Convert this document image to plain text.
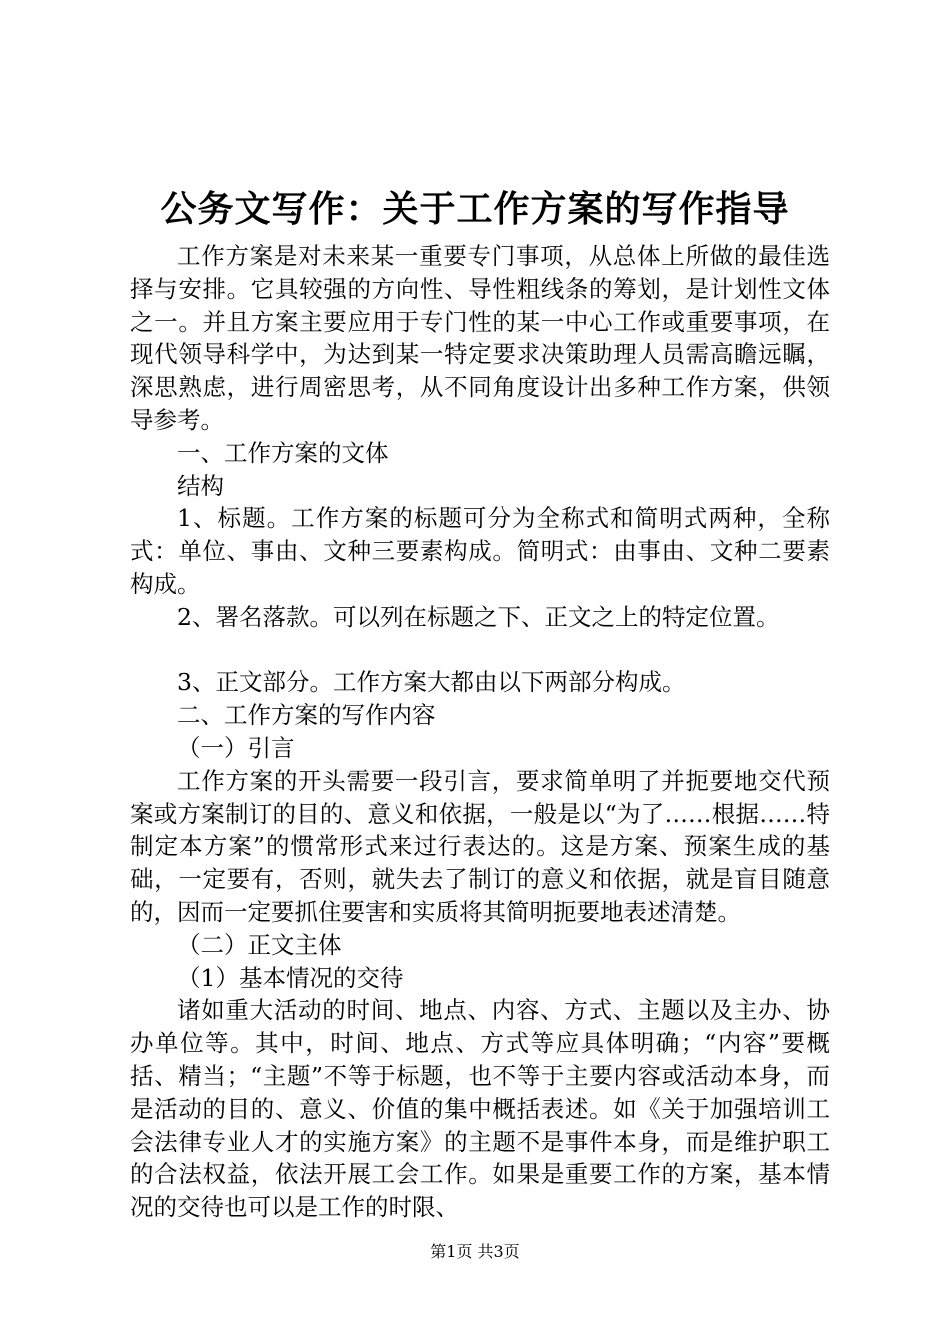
公务文写作：关于工作方案的写作指导

工作方案是对未来某一重要专门事项，从总体上所做的最佳选择与安排。它具较强的方向性、导性粗线条的筹划，是计划性文体之一。并且方案主要应用于专门性的某一中心工作或重要事项，在现代领导科学中，为达到某一特定要求决策助理人员需高瞻远瞩，深思熟虑，进行周密思考，从不同角度设计出多种工作方案，供领导参考。

一、工作方案的文体

结构

1、标题。工作方案的标题可分为全称式和简明式两种，全称式：单位、事由、文种三要素构成。简明式：由事由、文种二要素构成。

2、署名落款。可以列在标题之下、正文之上的特定位置。

3、正文部分。工作方案大都由以下两部分构成。

二、工作方案的写作内容

（一）引言

工作方案的开头需要一段引言，要求简单明了并扼要地交代预案或方案制订的目的、意义和依据，一般是以“为了……根据……特制定本方案”的惯常形式来过行表达的。这是方案、预案生成的基础，一定要有，否则，就失去了制订的意义和依据，就是盲目随意的，因而一定要抓住要害和实质将其简明扼要地表述清楚。

（二）正文主体

（1）基本情况的交待

诸如重大活动的时间、地点、内容、方式、主题以及主办、协办单位等。其中，时间、地点、方式等应具体明确；“内容”要概括、精当；“主题”不等于标题，也不等于主要内容或活动本身，而是活动的目的、意义、价值的集中概括表述。如《关于加强培训工会法律专业人才的实施方案》的主题不是事件本身，而是维护职工的合法权益，依法开展工会工作。如果是重要工作的方案，基本情况的交待也可以是工作的时限、

第1页 共3页
